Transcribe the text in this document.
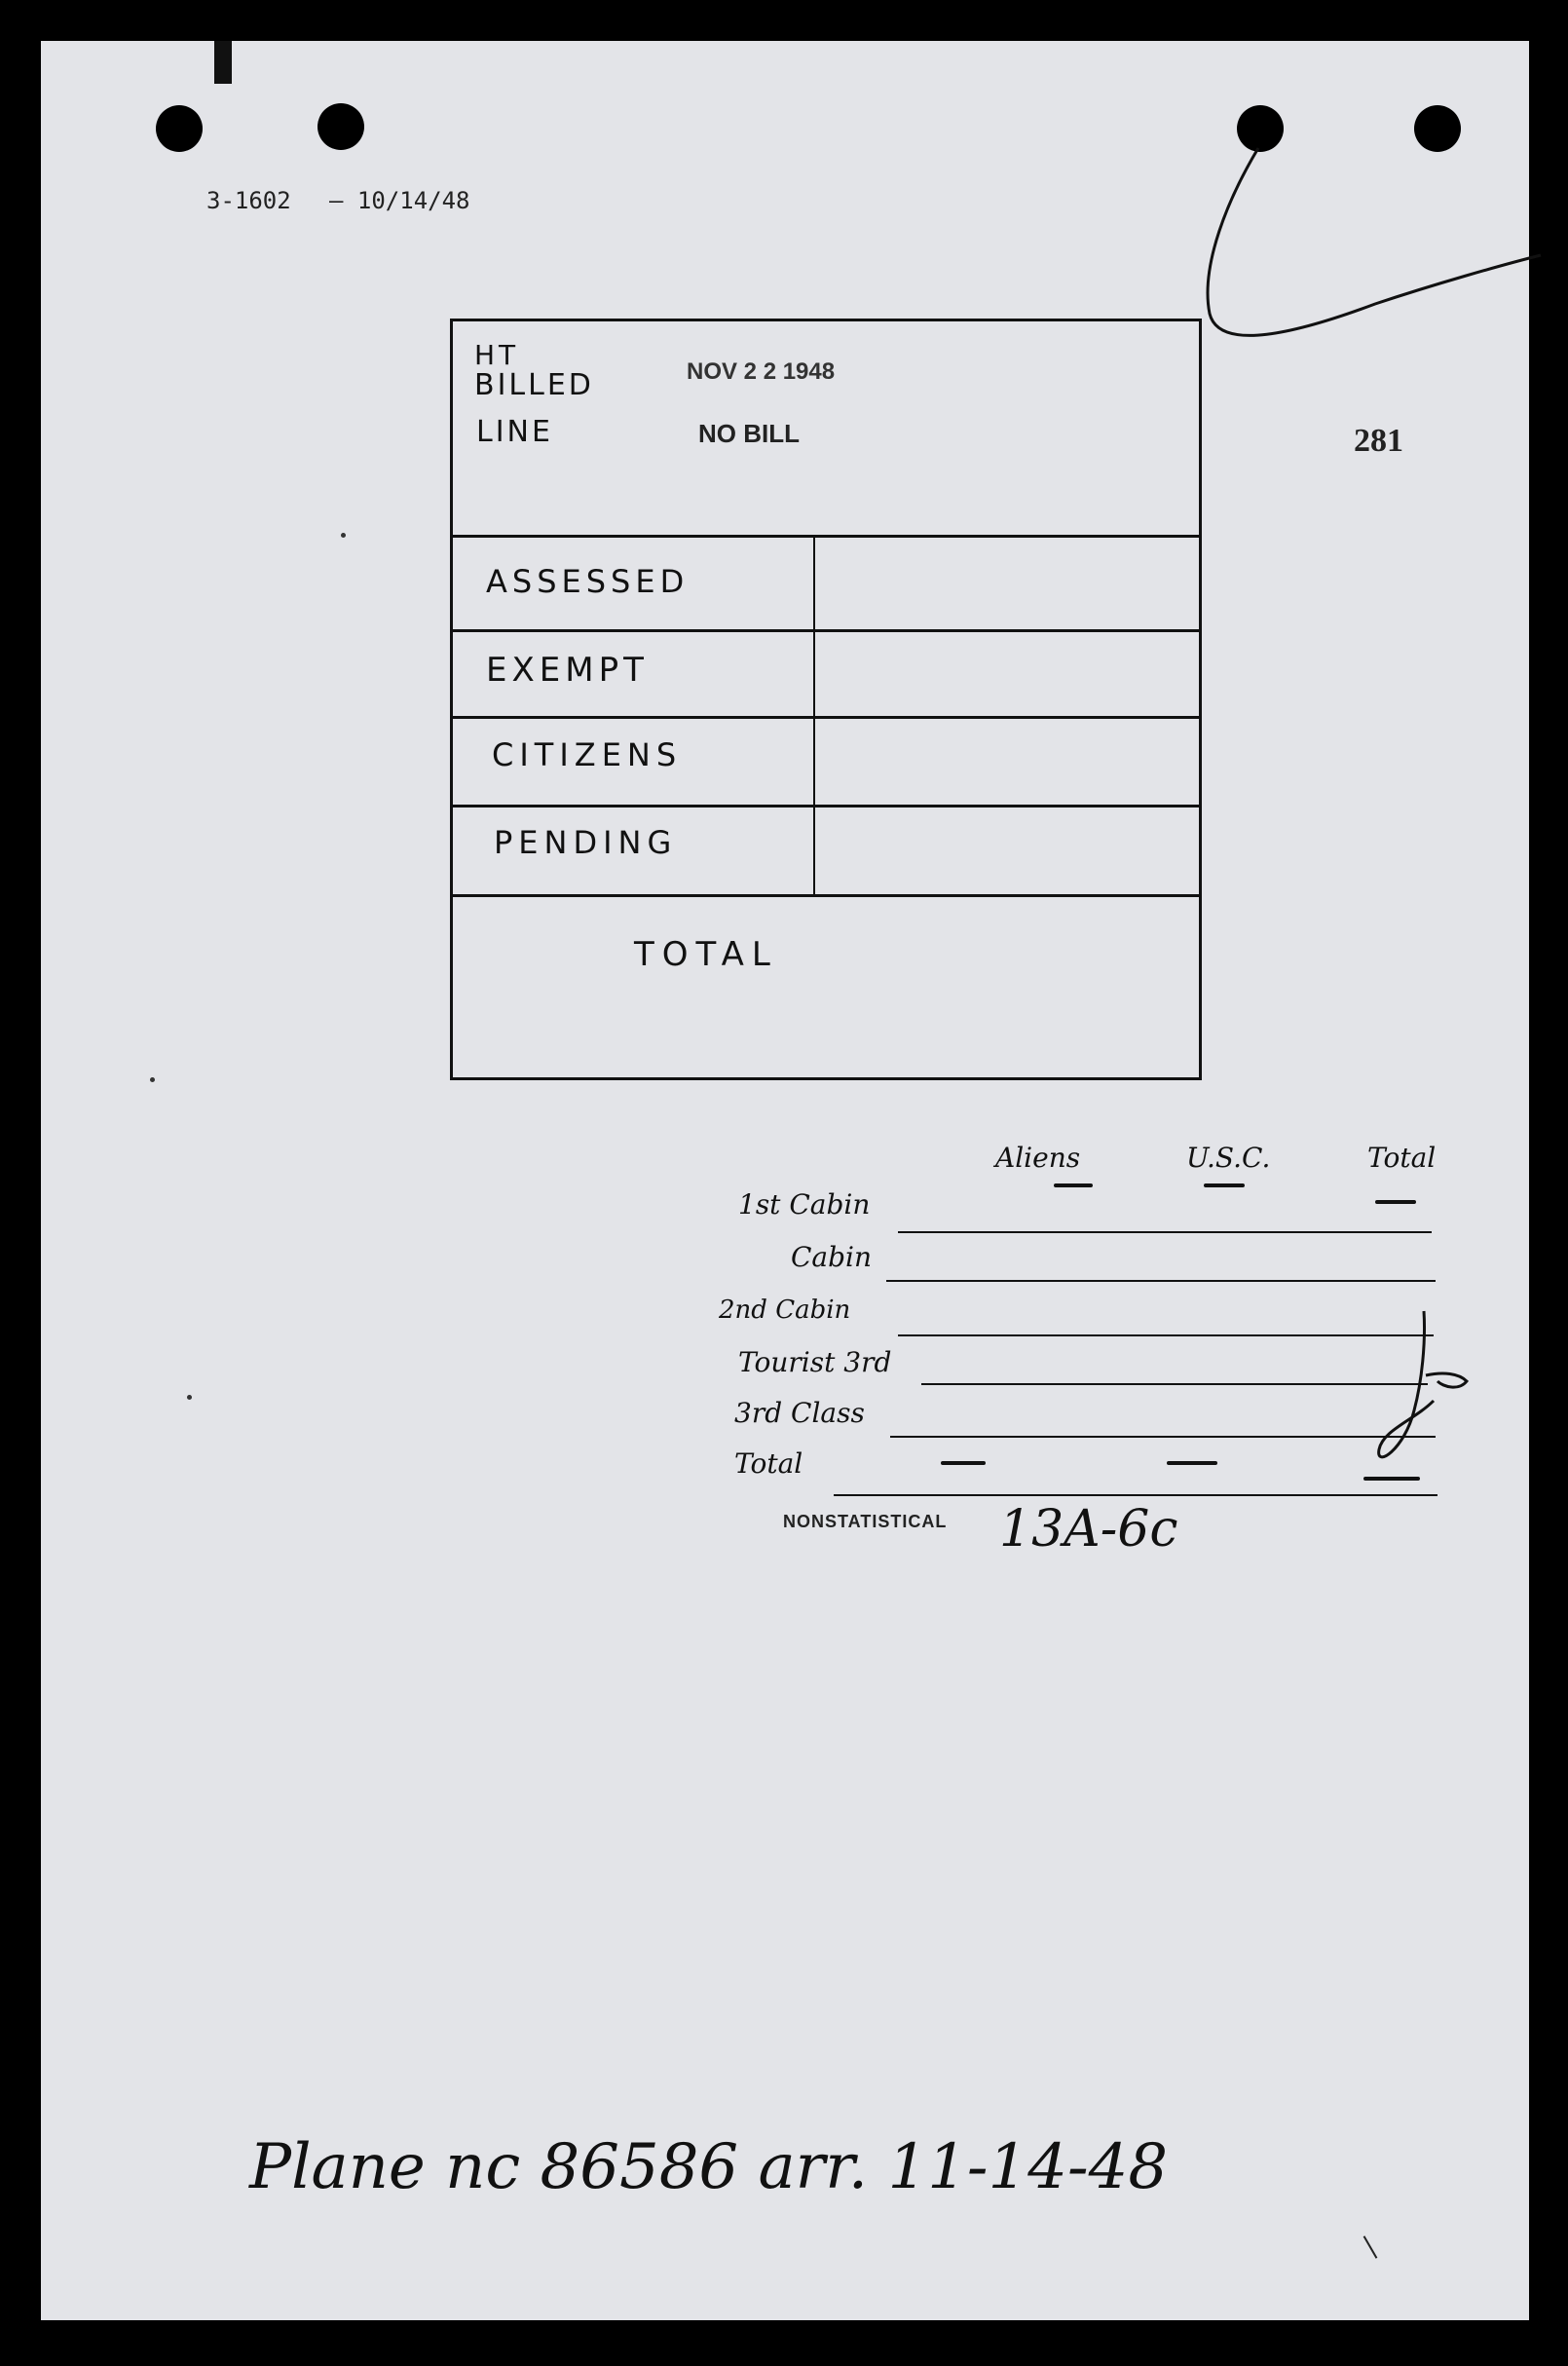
3-1602 — 10/14/48
281
HT
BILLED
LINE
NOV 2 2 1948
NO BILL
ASSESSED
EXEMPT
CITIZENS
PENDING
TOTAL
Aliens	U.S.C.	Total
1st Cabin
Cabin
2nd Cabin
Tourist 3rd
3rd Class
Total
NONSTATISTICAL 13A-6c
Plane nc 86586 arr. 11-14-48
